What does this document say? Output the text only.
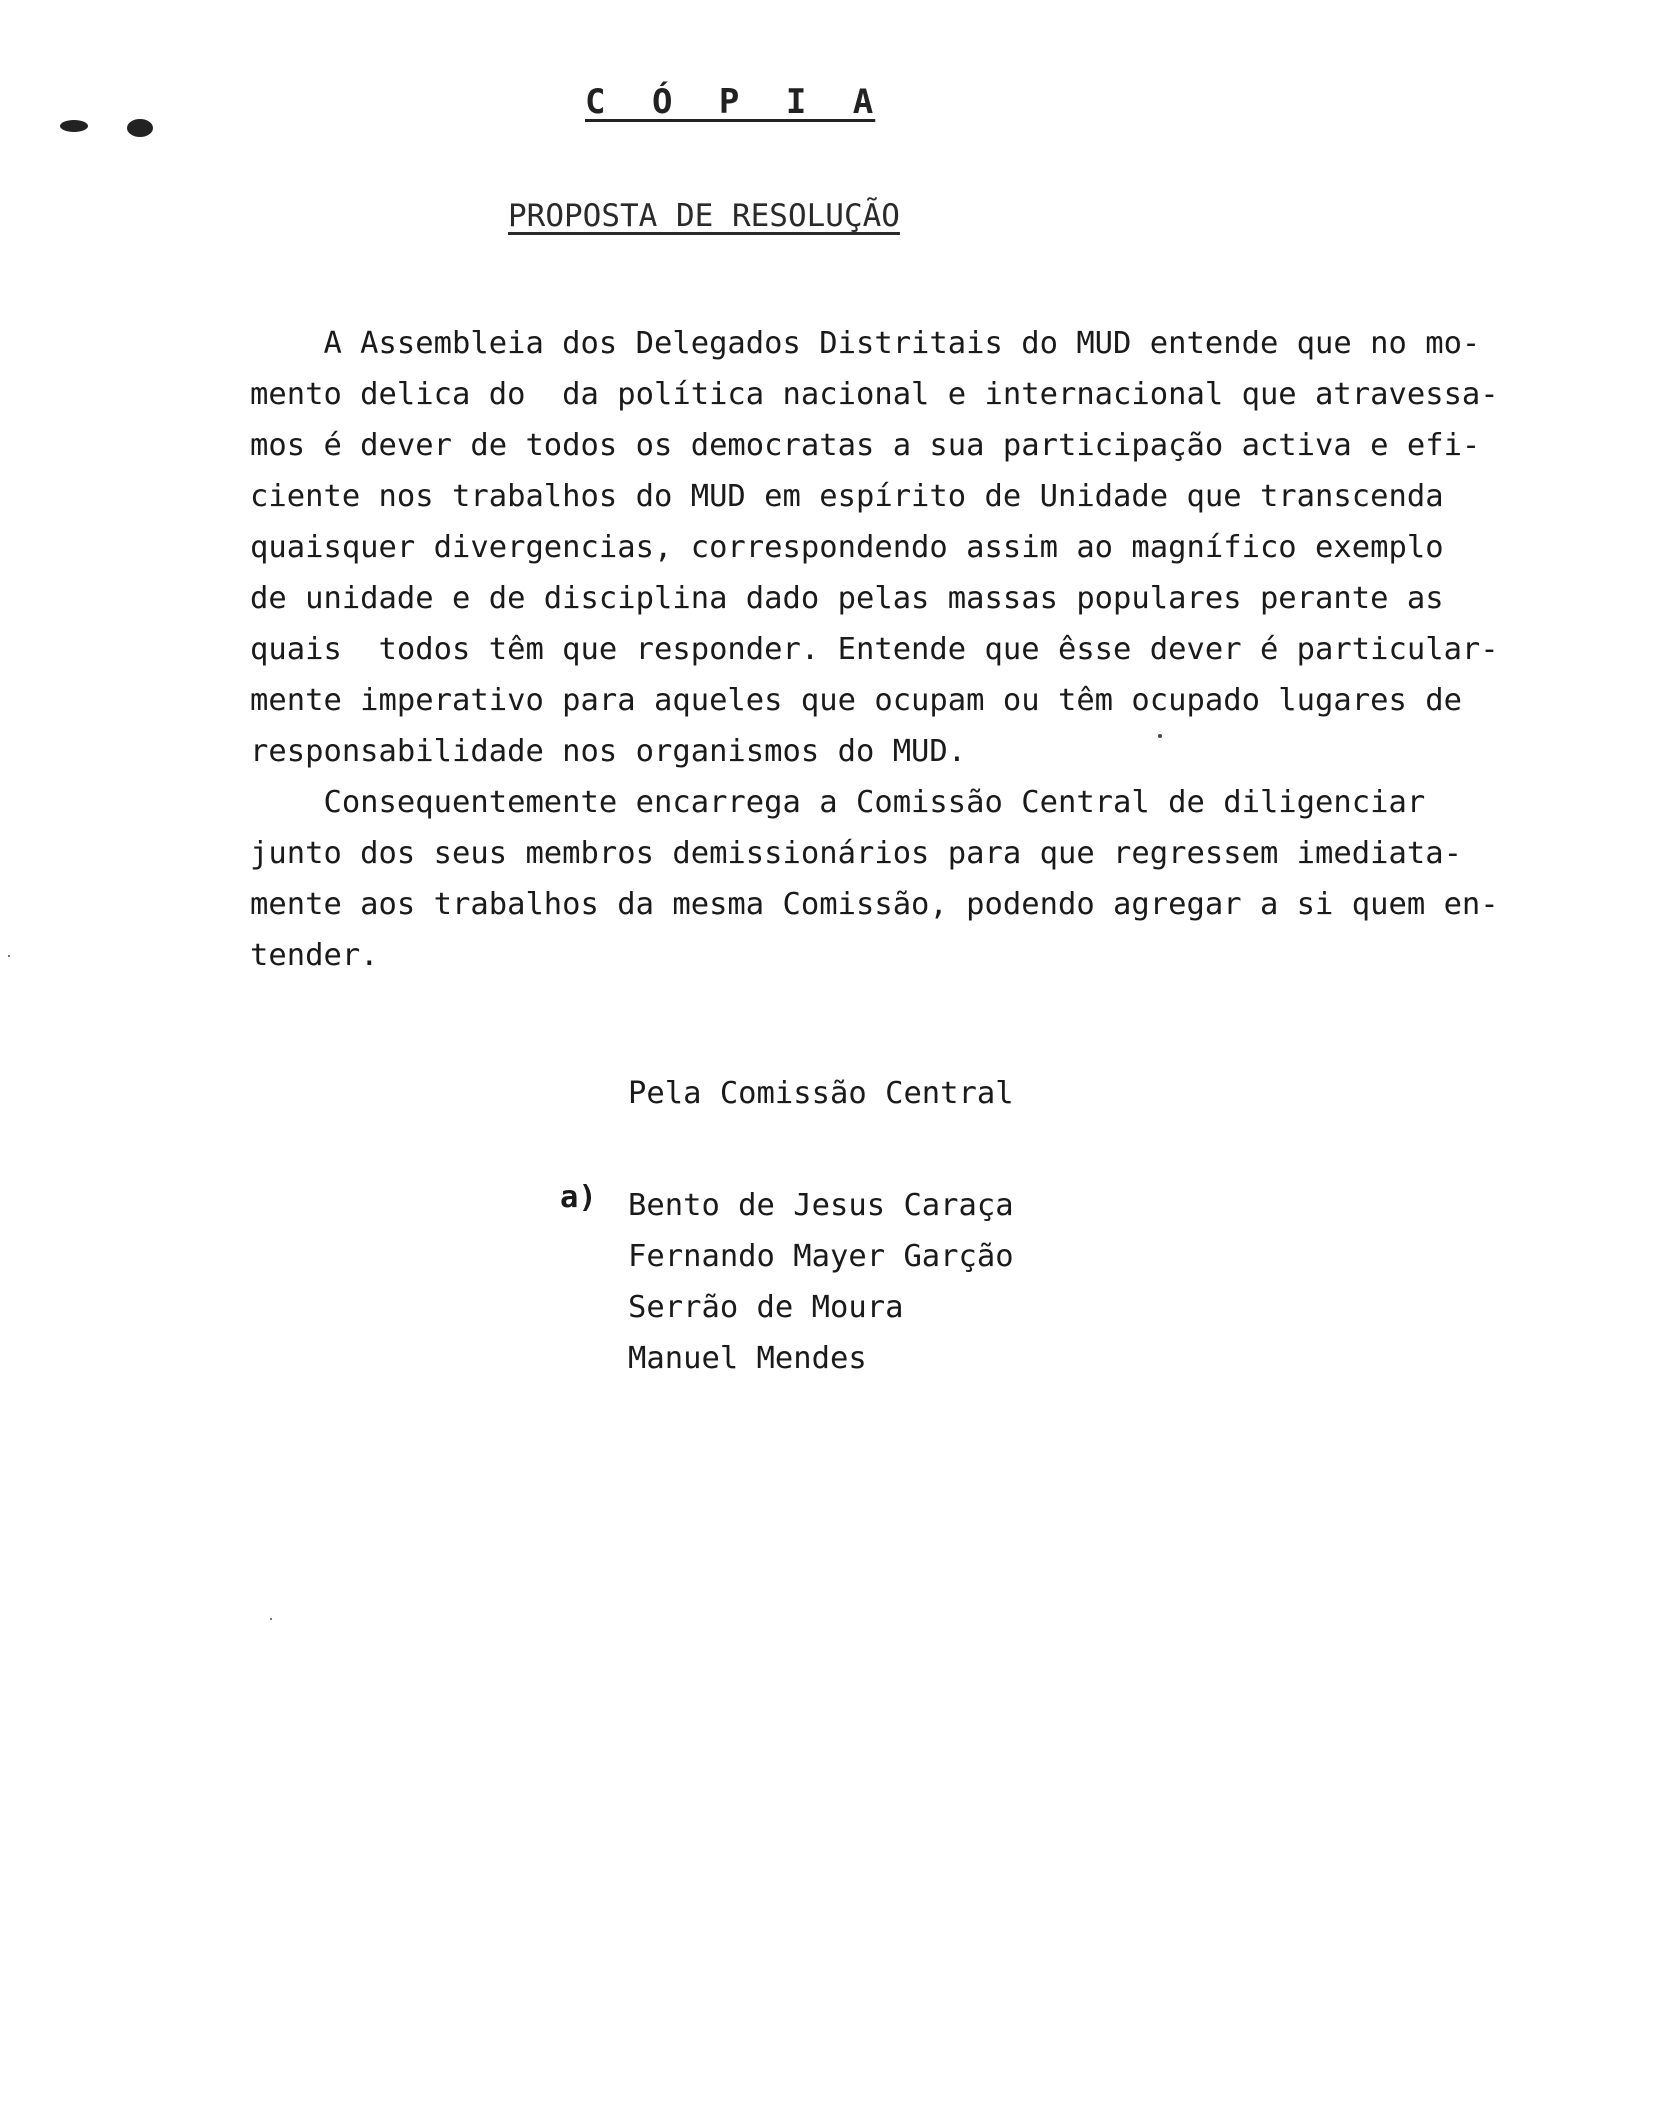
C Ó P I A
PROPOSTA DE RESOLUÇÃO
A Assembleia dos Delegados Distritais do MUD entende que no mo-
mento delica do  da política nacional e internacional que atravessa-
mos é dever de todos os democratas a sua participação activa e efi-
ciente nos trabalhos do MUD em espírito de Unidade que transcenda
quaisquer divergencias, correspondendo assim ao magnífico exemplo
de unidade e de disciplina dado pelas massas populares perante as
quais  todos têm que responder. Entende que êsse dever é particular-
mente imperativo para aqueles que ocupam ou têm ocupado lugares de
responsabilidade nos organismos do MUD.
Consequentemente encarrega a Comissão Central de diligenciar
junto dos seus membros demissionários para que regressem imediata-
mente aos trabalhos da mesma Comissão, podendo agregar a si quem en-
tender.
Pela Comissão Central
a) Bento de Jesus Caraça
Fernando Mayer Garção
Serrão de Moura
Manuel Mendes
